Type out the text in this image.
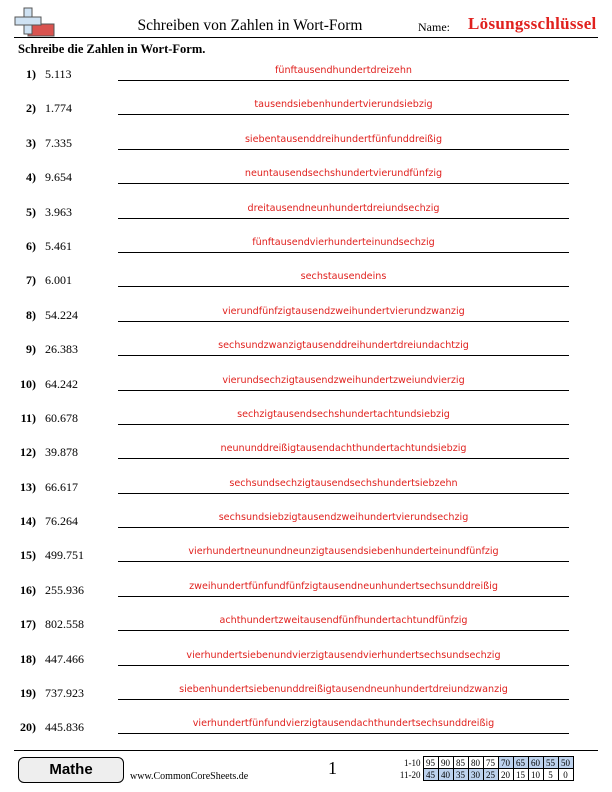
Schreiben von Zahlen in Wort-Form	Name: Lösungsschlüssel
Schreibe die Zahlen in Wort-Form.
1) 5.113	fünftausendhundertdreizehn
2) 1.774	tausendsiebenhundertvierundsiebzig
3) 7.335	siebentausenddreihundertfünfunddreißig
4) 9.654	neuntausendsechshundertvierundfünfzig
5) 3.963	dreitausendneunhundertdreiundsechzig
6) 5.461	fünftausendvierhunderteinundsechzig
7) 6.001	sechstausendeins
8) 54.224	vierundfünfzigtausendzweihundertvierundzwanzig
9) 26.383	sechsundzwanzigtausenddreihundertdreiundachtzig
10) 64.242	vierundsechzigtausendzweihundertzweiundvierzig
11) 60.678	sechzigtausendsechshundertachtundsiebzig
12) 39.878	neununddreißigtausendachthundertachtundsiebzig
13) 66.617	sechsundsechzigtausendsechshundertsiebzehn
14) 76.264	sechsundsiebzigtausendzweihundertvierundsechzig
15) 499.751	vierhundertneunundneunzigtausendsiebenhunderteinundfünfzig
16) 255.936	zweihundertfünfundfünfzigtausendneunhundertsechsunddreißig
17) 802.558	achthundertzweitausendfünfhundertachtundfünfzig
18) 447.466	vierhundertsiebenundvierzigtausendvierhundertsechsundsechzig
19) 737.923	siebenhundertsiebenunddreißigtausendneunhundertdreiundzwanzig
20) 445.836	vierhundertfünfundvierzigtausendachthundertsechsunddreißig
Mathe	www.CommonCoreSheets.de	1	1-10	95	90	85	80	75	70	65	60	55	50
11-20	45	40	35	30	25	20	15	10	5	0
